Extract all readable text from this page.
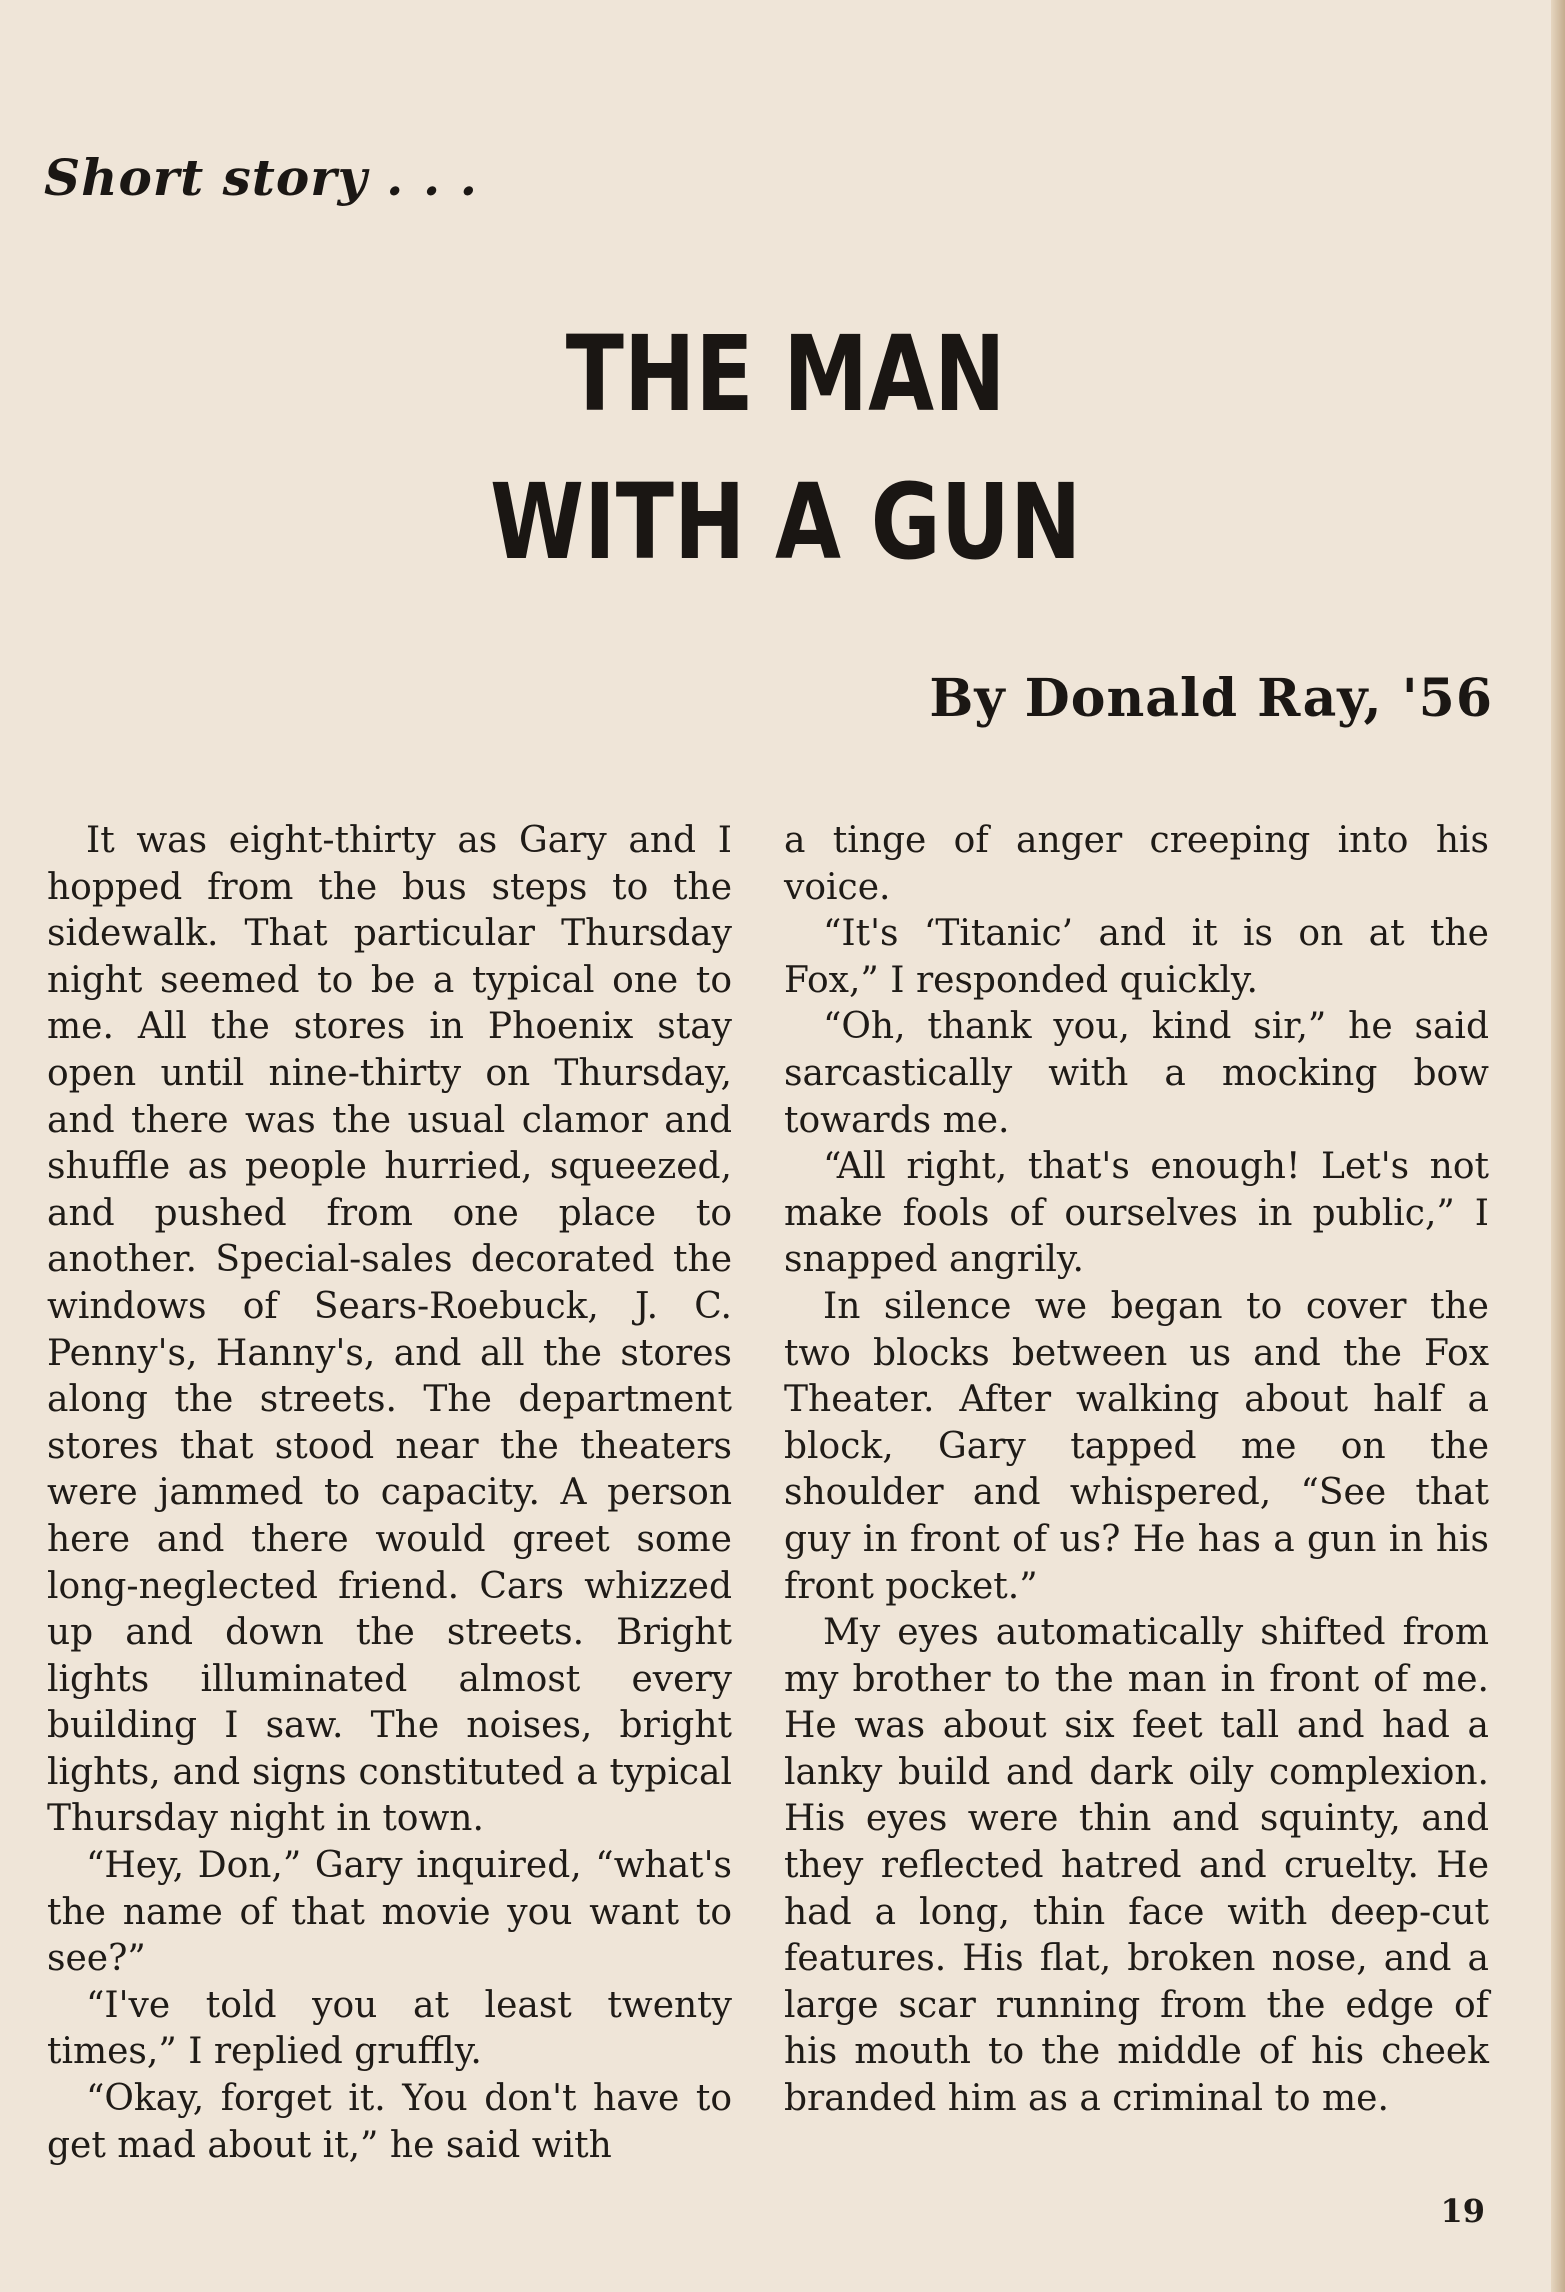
Short story . . .
THE MAN
WITH A GUN
By Donald Ray, '56

It was eight-thirty as Gary and I hopped from the bus steps to the sidewalk. That particular Thursday night seemed to be a typical one to me. All the stores in Phoenix stay open until nine-thirty on Thursday, and there was the usual clamor and shuffle as people hurried, squeezed, and pushed from one place to another. Special-sales decorated the windows of Sears-Roebuck, J. C. Penny's, Hanny's, and all the stores along the streets. The department stores that stood near the theaters were jammed to capacity. A person here and there would greet some long-neglected friend. Cars whizzed up and down the streets. Bright lights illuminated almost every building I saw. The noises, bright lights, and signs constituted a typical Thursday night in town.

“Hey, Don,” Gary inquired, “what's the name of that movie you want to see?”

“I've told you at least twenty times,” I replied gruffly.

“Okay, forget it. You don't have to get mad about it,” he said with

a tinge of anger creeping into his voice.

“It's ‘Titanic’ and it is on at the Fox,” I responded quickly.

“Oh, thank you, kind sir,” he said sarcastically with a mocking bow towards me.

“All right, that's enough! Let's not make fools of ourselves in public,” I snapped angrily.

In silence we began to cover the two blocks between us and the Fox Theater. After walking about half a block, Gary tapped me on the shoulder and whispered, “See that guy in front of us? He has a gun in his front pocket.”

My eyes automatically shifted from my brother to the man in front of me. He was about six feet tall and had a lanky build and dark oily complexion. His eyes were thin and squinty, and they reflected hatred and cruelty. He had a long, thin face with deep-cut features. His flat, broken nose, and a large scar running from the edge of his mouth to the middle of his cheek branded him as a criminal to me.

19
